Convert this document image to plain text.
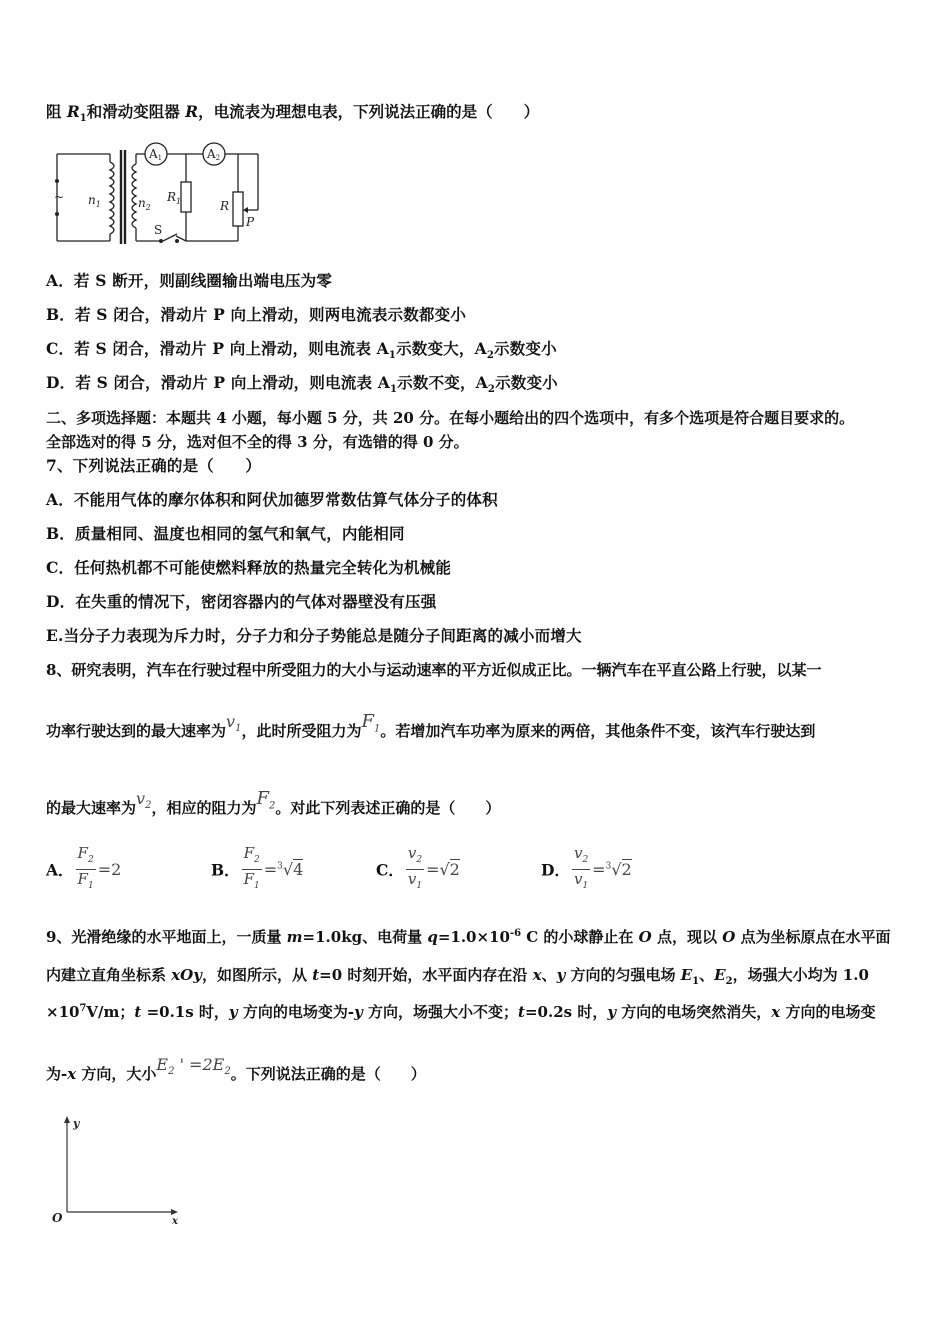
阻 $R_1$和滑动变阻器 R，电流表为理想电表，下列说法正确的是（　　）
~ $n_1$	$n_2$
A1	A2
$R_1$	R
P
S
A．若 S 断开，则副线圈输出端电压为零
B．若 S 闭合，滑动片 P 向上滑动，则两电流表示数都变小
C．若 S 闭合，滑动片 P 向上滑动，则电流表 $A_1$示数变大，$A_2$示数变小
D．若 S 闭合，滑动片 P 向上滑动，则电流表 $A_1$示数不变，$A_2$示数变小
二、多项选择题：本题共 4 小题，每小题 5 分，共 20 分。在每小题给出的四个选项中，有多个选项是符合题目要求的。
全部选对的得 5 分，选对但不全的得 3 分，有选错的得 0 分。
7、下列说法正确的是（　　）
A．不能用气体的摩尔体积和阿伏加德罗常数估算气体分子的体积
B．质量相同、温度也相同的氢气和氧气，内能相同
C．任何热机都不可能使燃料释放的热量完全转化为机械能
D．在失重的情况下，密闭容器内的气体对器壁没有压强
E.当分子力表现为斥力时，分子力和分子势能总是随分子间距离的减小而增大
8、研究表明，汽车在行驶过程中所受阻力的大小与运动速率的平方近似成正比。一辆汽车在平直公路上行驶，以某一
功率行驶达到的最大速率为$v_1$，此时所受阻力为$F_1$。若增加汽车功率为原来的两倍，其他条件不变，该汽车行驶达到
的最大速率为$v_2$，相应的阻力为$F_2$。对此下列表述正确的是（　　）
A． $\frac{F_2}{F_1} =2$	B． $\frac{F_2}{F_1} =^3√4$	C． $\frac{v_2}{v_1} =√2$	D． $\frac{v_2}{v_1} =^3√2$
9、光滑绝缘的水平地面上，一质量 m=1.0kg、电荷量 $q=1.0\times 10^{-6}$ C 的小球静止在 O 点，现以 O 点为坐标原点在水平面
内建立直角坐标系 xOy，如图所示，从 t=0 时刻开始，水平面内存在沿 x、y 方向的匀强电场 $E_1$、$E_2$，场强大小均为 1.0
$\times 10^7V/m$；t =0.1s 时，y 方向的电场变为-y 方向，场强大小不变；t=0.2s 时，y 方向的电场突然消失，x 方向的电场变
为-x 方向，大小$E_2$ ' $=2E_2$。下列说法正确的是（　　）
y
O	x
